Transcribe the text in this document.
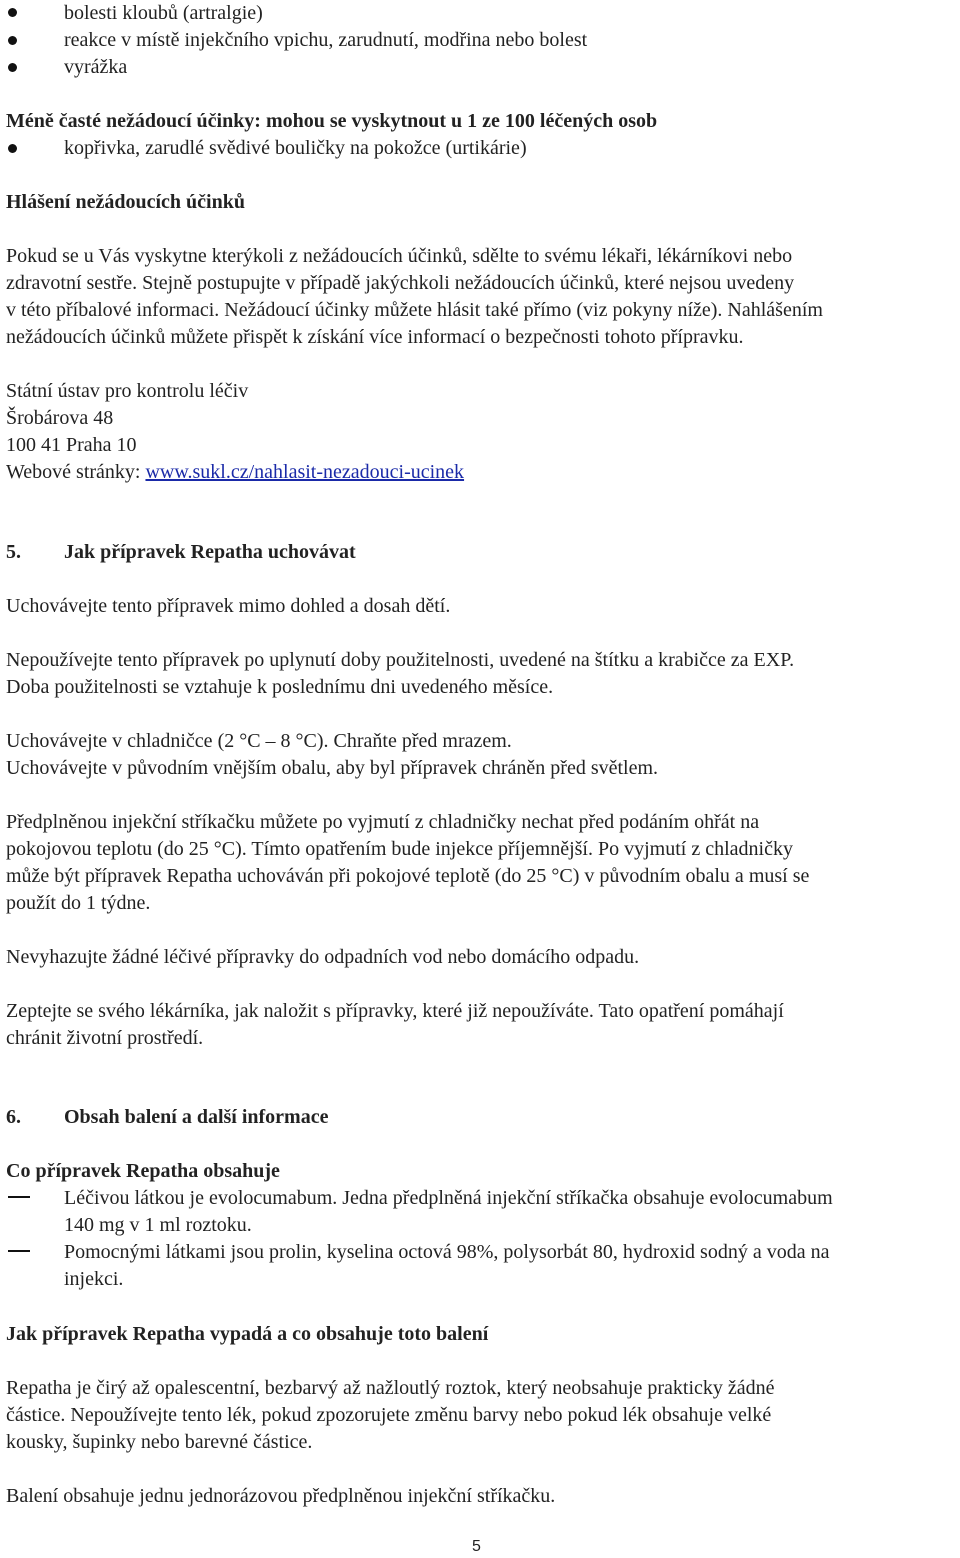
bolesti kloubů (artralgie)
reakce v místě injekčního vpichu, zarudnutí, modřina nebo bolest
vyrážka
Méně časté nežádoucí účinky: mohou se vyskytnout u 1 ze 100 léčených osob
kopřivka, zarudlé svědivé bouličky na pokožce (urtikárie)
Hlášení nežádoucích účinků
Pokud se u Vás vyskytne kterýkoli z nežádoucích účinků, sdělte to svému lékaři, lékárníkovi nebo
zdravotní sestře. Stejně postupujte v případě jakýchkoli nežádoucích účinků, které nejsou uvedeny
v této příbalové informaci. Nežádoucí účinky můžete hlásit také přímo (viz pokyny níže). Nahlášením
nežádoucích účinků můžete přispět k získání více informací o bezpečnosti tohoto přípravku.
Státní ústav pro kontrolu léčiv
Šrobárova 48
100 41 Praha 10
Webové stránky: www.sukl.cz/nahlasit-nezadouci-ucinek
5. Jak přípravek Repatha uchovávat
Uchovávejte tento přípravek mimo dohled a dosah dětí.
Nepoužívejte tento přípravek po uplynutí doby použitelnosti, uvedené na štítku a krabičce za EXP.
Doba použitelnosti se vztahuje k poslednímu dni uvedeného měsíce.
Uchovávejte v chladničce (2 °C – 8 °C). Chraňte před mrazem.
Uchovávejte v původním vnějším obalu, aby byl přípravek chráněn před světlem.
Předplněnou injekční stříkačku můžete po vyjmutí z chladničky nechat před podáním ohřát na
pokojovou teplotu (do 25 °C). Tímto opatřením bude injekce příjemnější. Po vyjmutí z chladničky
může být přípravek Repatha uchováván při pokojové teplotě (do 25 °C) v původním obalu a musí se
použít do 1 týdne.
Nevyhazujte žádné léčivé přípravky do odpadních vod nebo domácího odpadu.
Zeptejte se svého lékárníka, jak naložit s přípravky, které již nepoužíváte. Tato opatření pomáhají
chránit životní prostředí.
6. Obsah balení a další informace
Co přípravek Repatha obsahuje
Léčivou látkou je evolocumabum. Jedna předplněná injekční stříkačka obsahuje evolocumabum
140 mg v 1 ml roztoku.
Pomocnými látkami jsou prolin, kyselina octová 98%, polysorbát 80, hydroxid sodný a voda na
injekci.
Jak přípravek Repatha vypadá a co obsahuje toto balení
Repatha je čirý až opalescentní, bezbarvý až nažloutlý roztok, který neobsahuje prakticky žádné
částice. Nepoužívejte tento lék, pokud zpozorujete změnu barvy nebo pokud lék obsahuje velké
kousky, šupinky nebo barevné částice.
Balení obsahuje jednu jednorázovou předplněnou injekční stříkačku.
5
